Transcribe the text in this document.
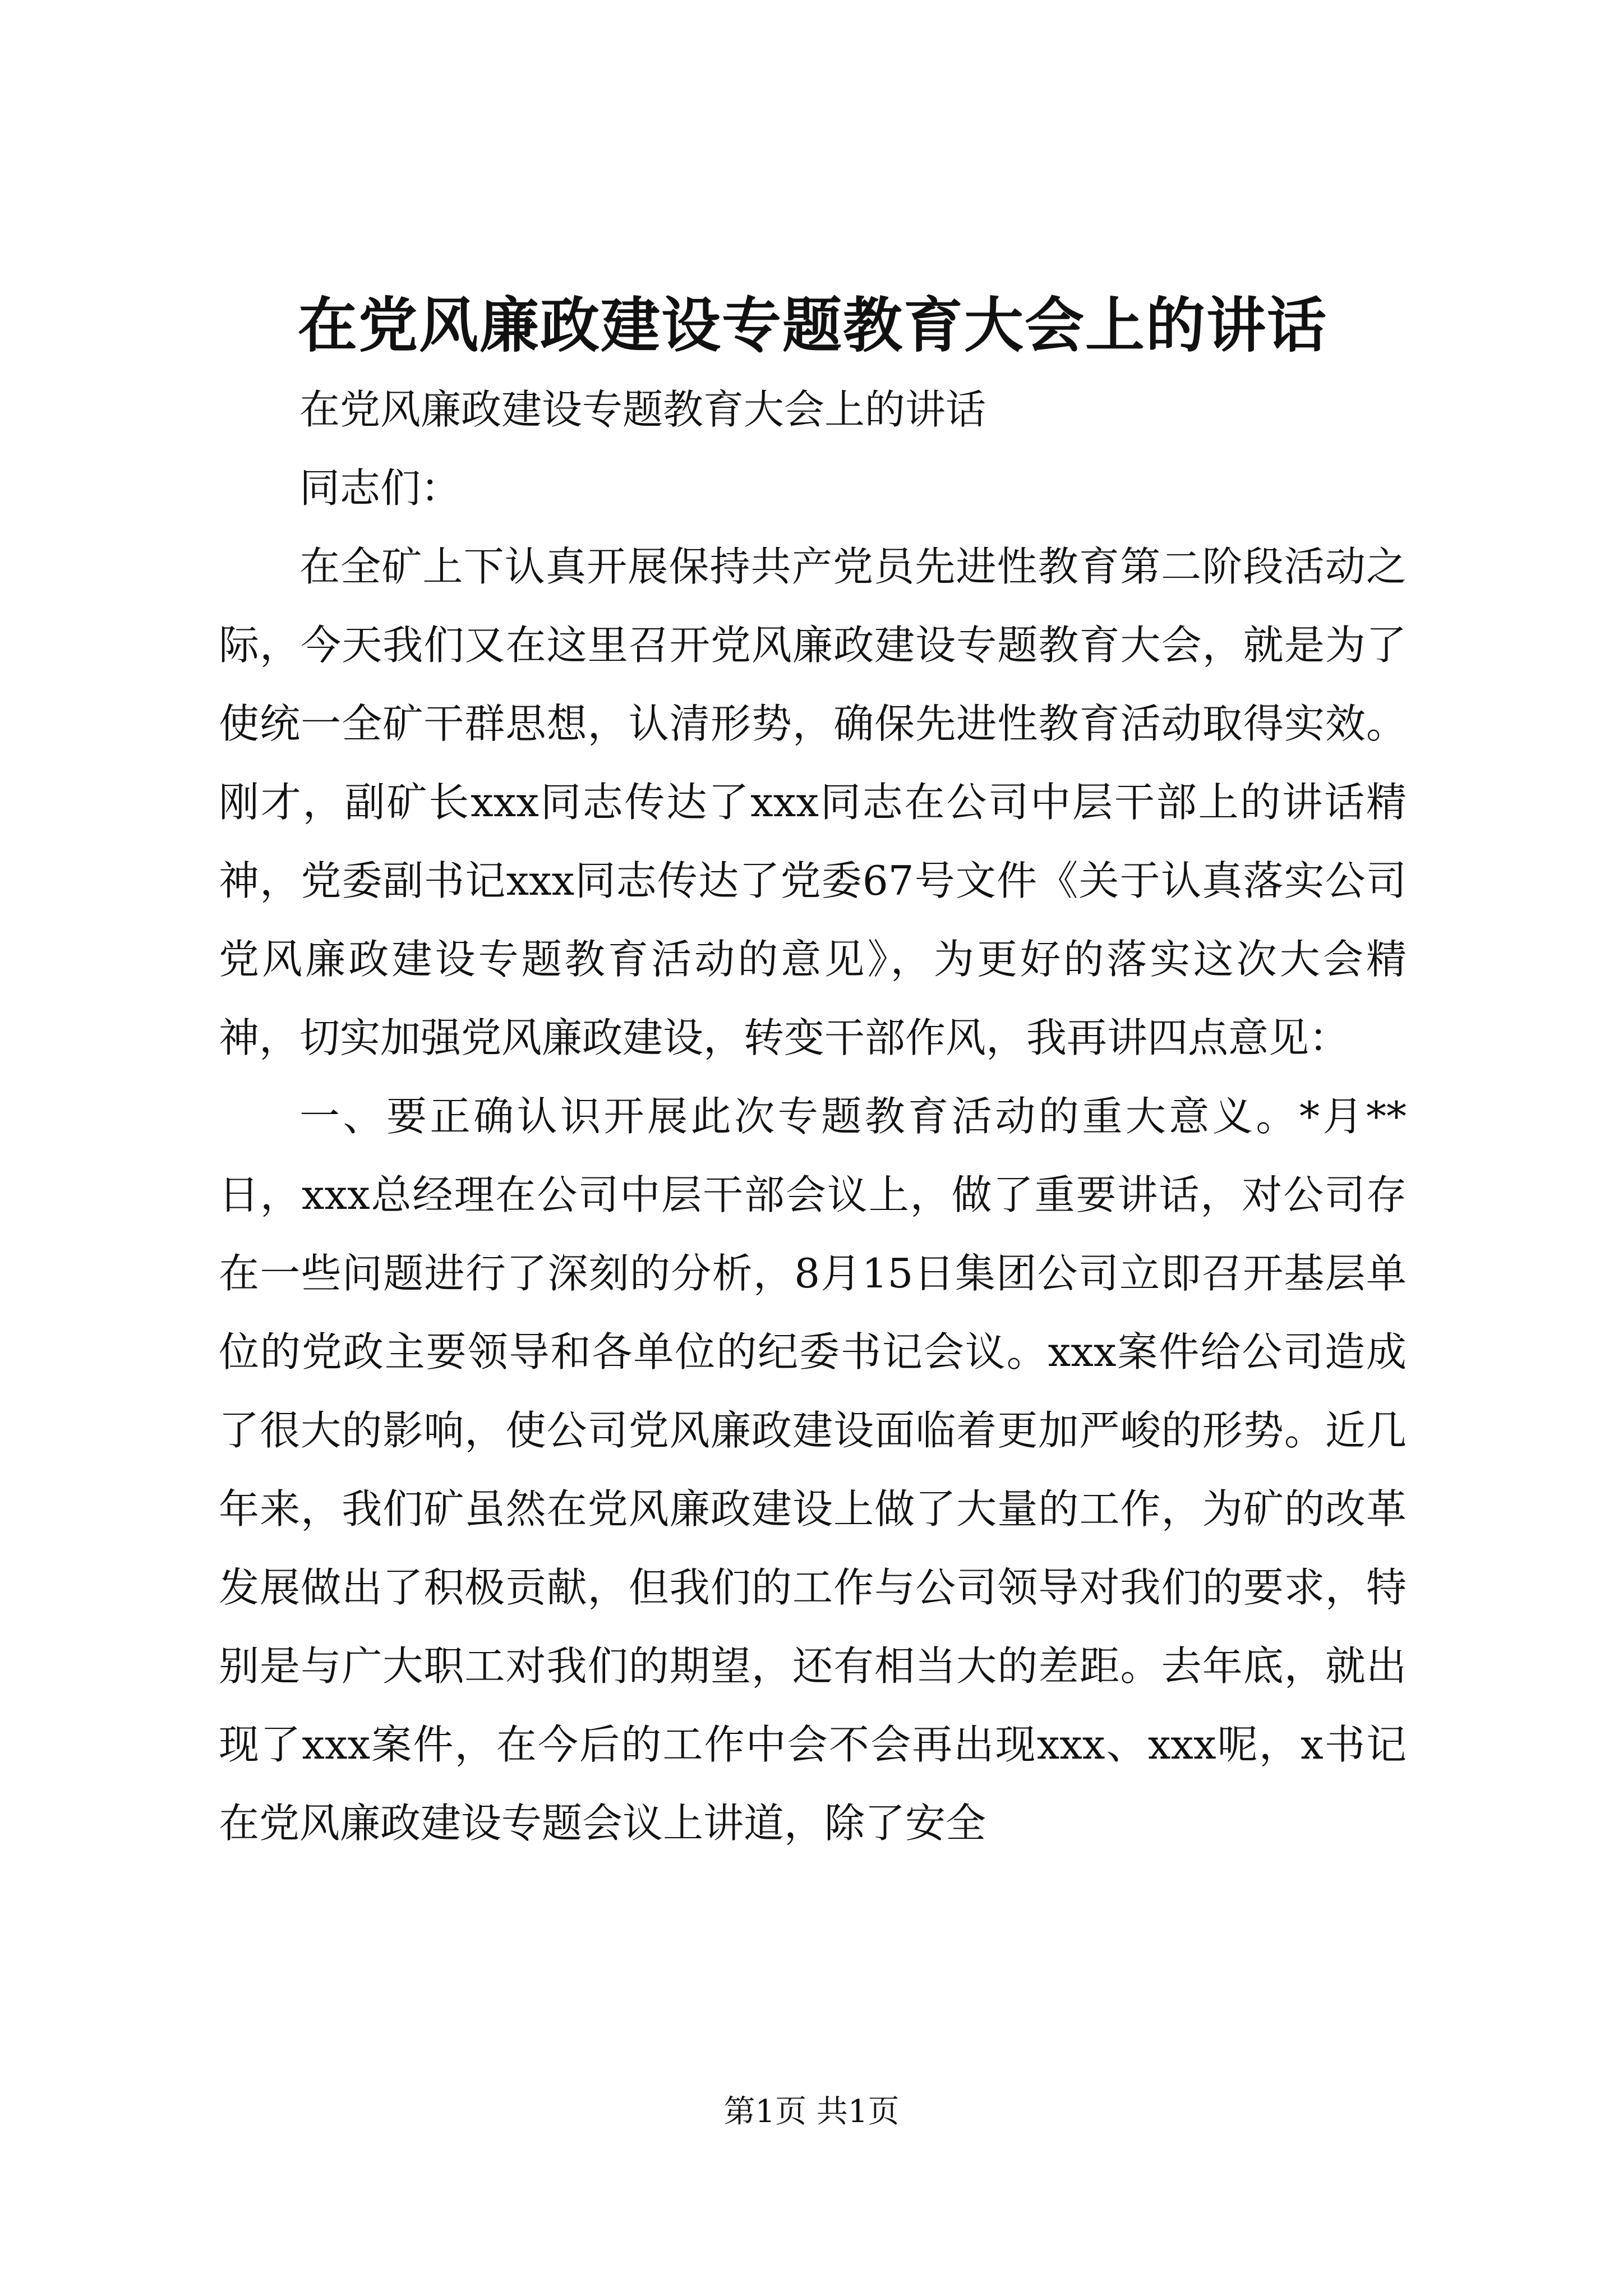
在党风廉政建设专题教育大会上的讲话

在党风廉政建设专题教育大会上的讲话

同志们：

在全矿上下认真开展保持共产党员先进性教育第二阶段活动之际，今天我们又在这里召开党风廉政建设专题教育大会，就是为了使统一全矿干群思想，认清形势，确保先进性教育活动取得实效。刚才，副矿长xxx同志传达了xxx同志在公司中层干部上的讲话精神，党委副书记xxx同志传达了党委67号文件《关于认真落实公司党风廉政建设专题教育活动的意见》，为更好的落实这次大会精神，切实加强党风廉政建设，转变干部作风，我再讲四点意见：

一、要正确认识开展此次专题教育活动的重大意义。*月**日，xxx总经理在公司中层干部会议上，做了重要讲话，对公司存在一些问题进行了深刻的分析，8月15日集团公司立即召开基层单位的党政主要领导和各单位的纪委书记会议。xxx案件给公司造成了很大的影响，使公司党风廉政建设面临着更加严峻的形势。近几年来，我们矿虽然在党风廉政建设上做了大量的工作，为矿的改革发展做出了积极贡献，但我们的工作与公司领导对我们的要求，特别是与广大职工对我们的期望，还有相当大的差距。去年底，就出现了xxx案件，在今后的工作中会不会再出现xxx、xxx呢，x书记在党风廉政建设专题会议上讲道，除了安全

第1页 共1页
